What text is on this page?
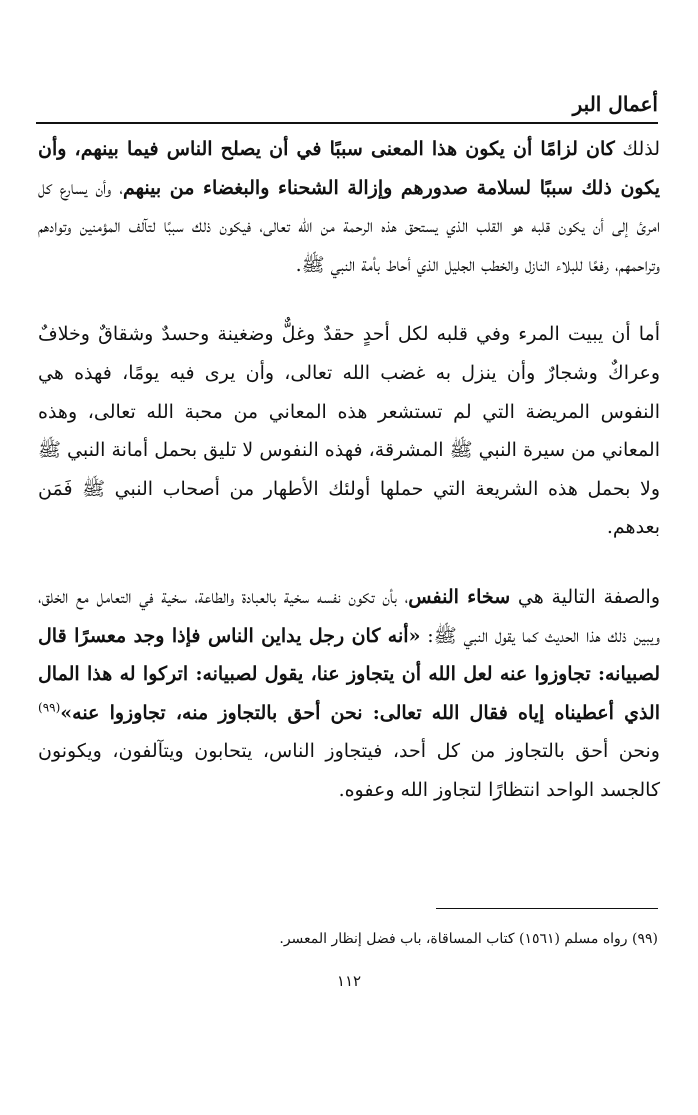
أعمال البر

لذلك كان لزامًا أن يكون هذا المعنى سببًا في أن يصلح الناس فيما بينهم، وأن يكون ذلك سببًا لسلامة صدورهم وإزالة الشحناء والبغضاء من بينهم، وأن يسارع كل امرئ إلى أن يكون قلبه هو القلب الذي يستحق هذه الرحمة من الله تعالى، فيكون ذلك سببًا لتآلف المؤمنين وتوادهم وتراحمهم، رفعًا للبلاء النازل والخطب الجليل الذي أحاط بأمة النبي ﷺ.

أما أن يبيت المرء وفي قلبه لكل أحدٍ حقدٌ وغلٌّ وضغينة وحسدٌ وشقاقٌ وخلافٌ وعراكٌ وشجارٌ وأن ينزل به غضب الله تعالى، وأن يرى فيه يومًا، فهذه هي النفوس المريضة التي لم تستشعر هذه المعاني من محبة الله تعالى، وهذه المعاني من سيرة النبي ﷺ المشرقة، فهذه النفوس لا تليق بحمل أمانة النبي ﷺ ولا بحمل هذه الشريعة التي حملها أولئك الأطهار من أصحاب النبي ﷺ فَمَن بعدهم.

والصفة التالية هي سخاء النفس، بأن تكون نفسه سخية بالعبادة والطاعة، سخية في التعامل مع الخلق، ويبين ذلك هذا الحديث كما يقول النبي ﷺ: «أنه كان رجل يداين الناس فإذا وجد معسرًا قال لصبيانه: تجاوزوا عنه لعل الله أن يتجاوز عنا، يقول لصبيانه: اتركوا له هذا المال الذي أعطيناه إياه فقال الله تعالى: نحن أحق بالتجاوز منه، تجاوزوا عنه»$^{(٩٩)}$ ونحن أحق بالتجاوز من كل أحد، فيتجاوز الناس، يتحابون ويتآلفون، ويكونون كالجسد الواحد انتظارًا لتجاوز الله وعفوه.

(٩٩) رواه مسلم (١٥٦١) كتاب المساقاة، باب فضل إنظار المعسر.
١١٢
